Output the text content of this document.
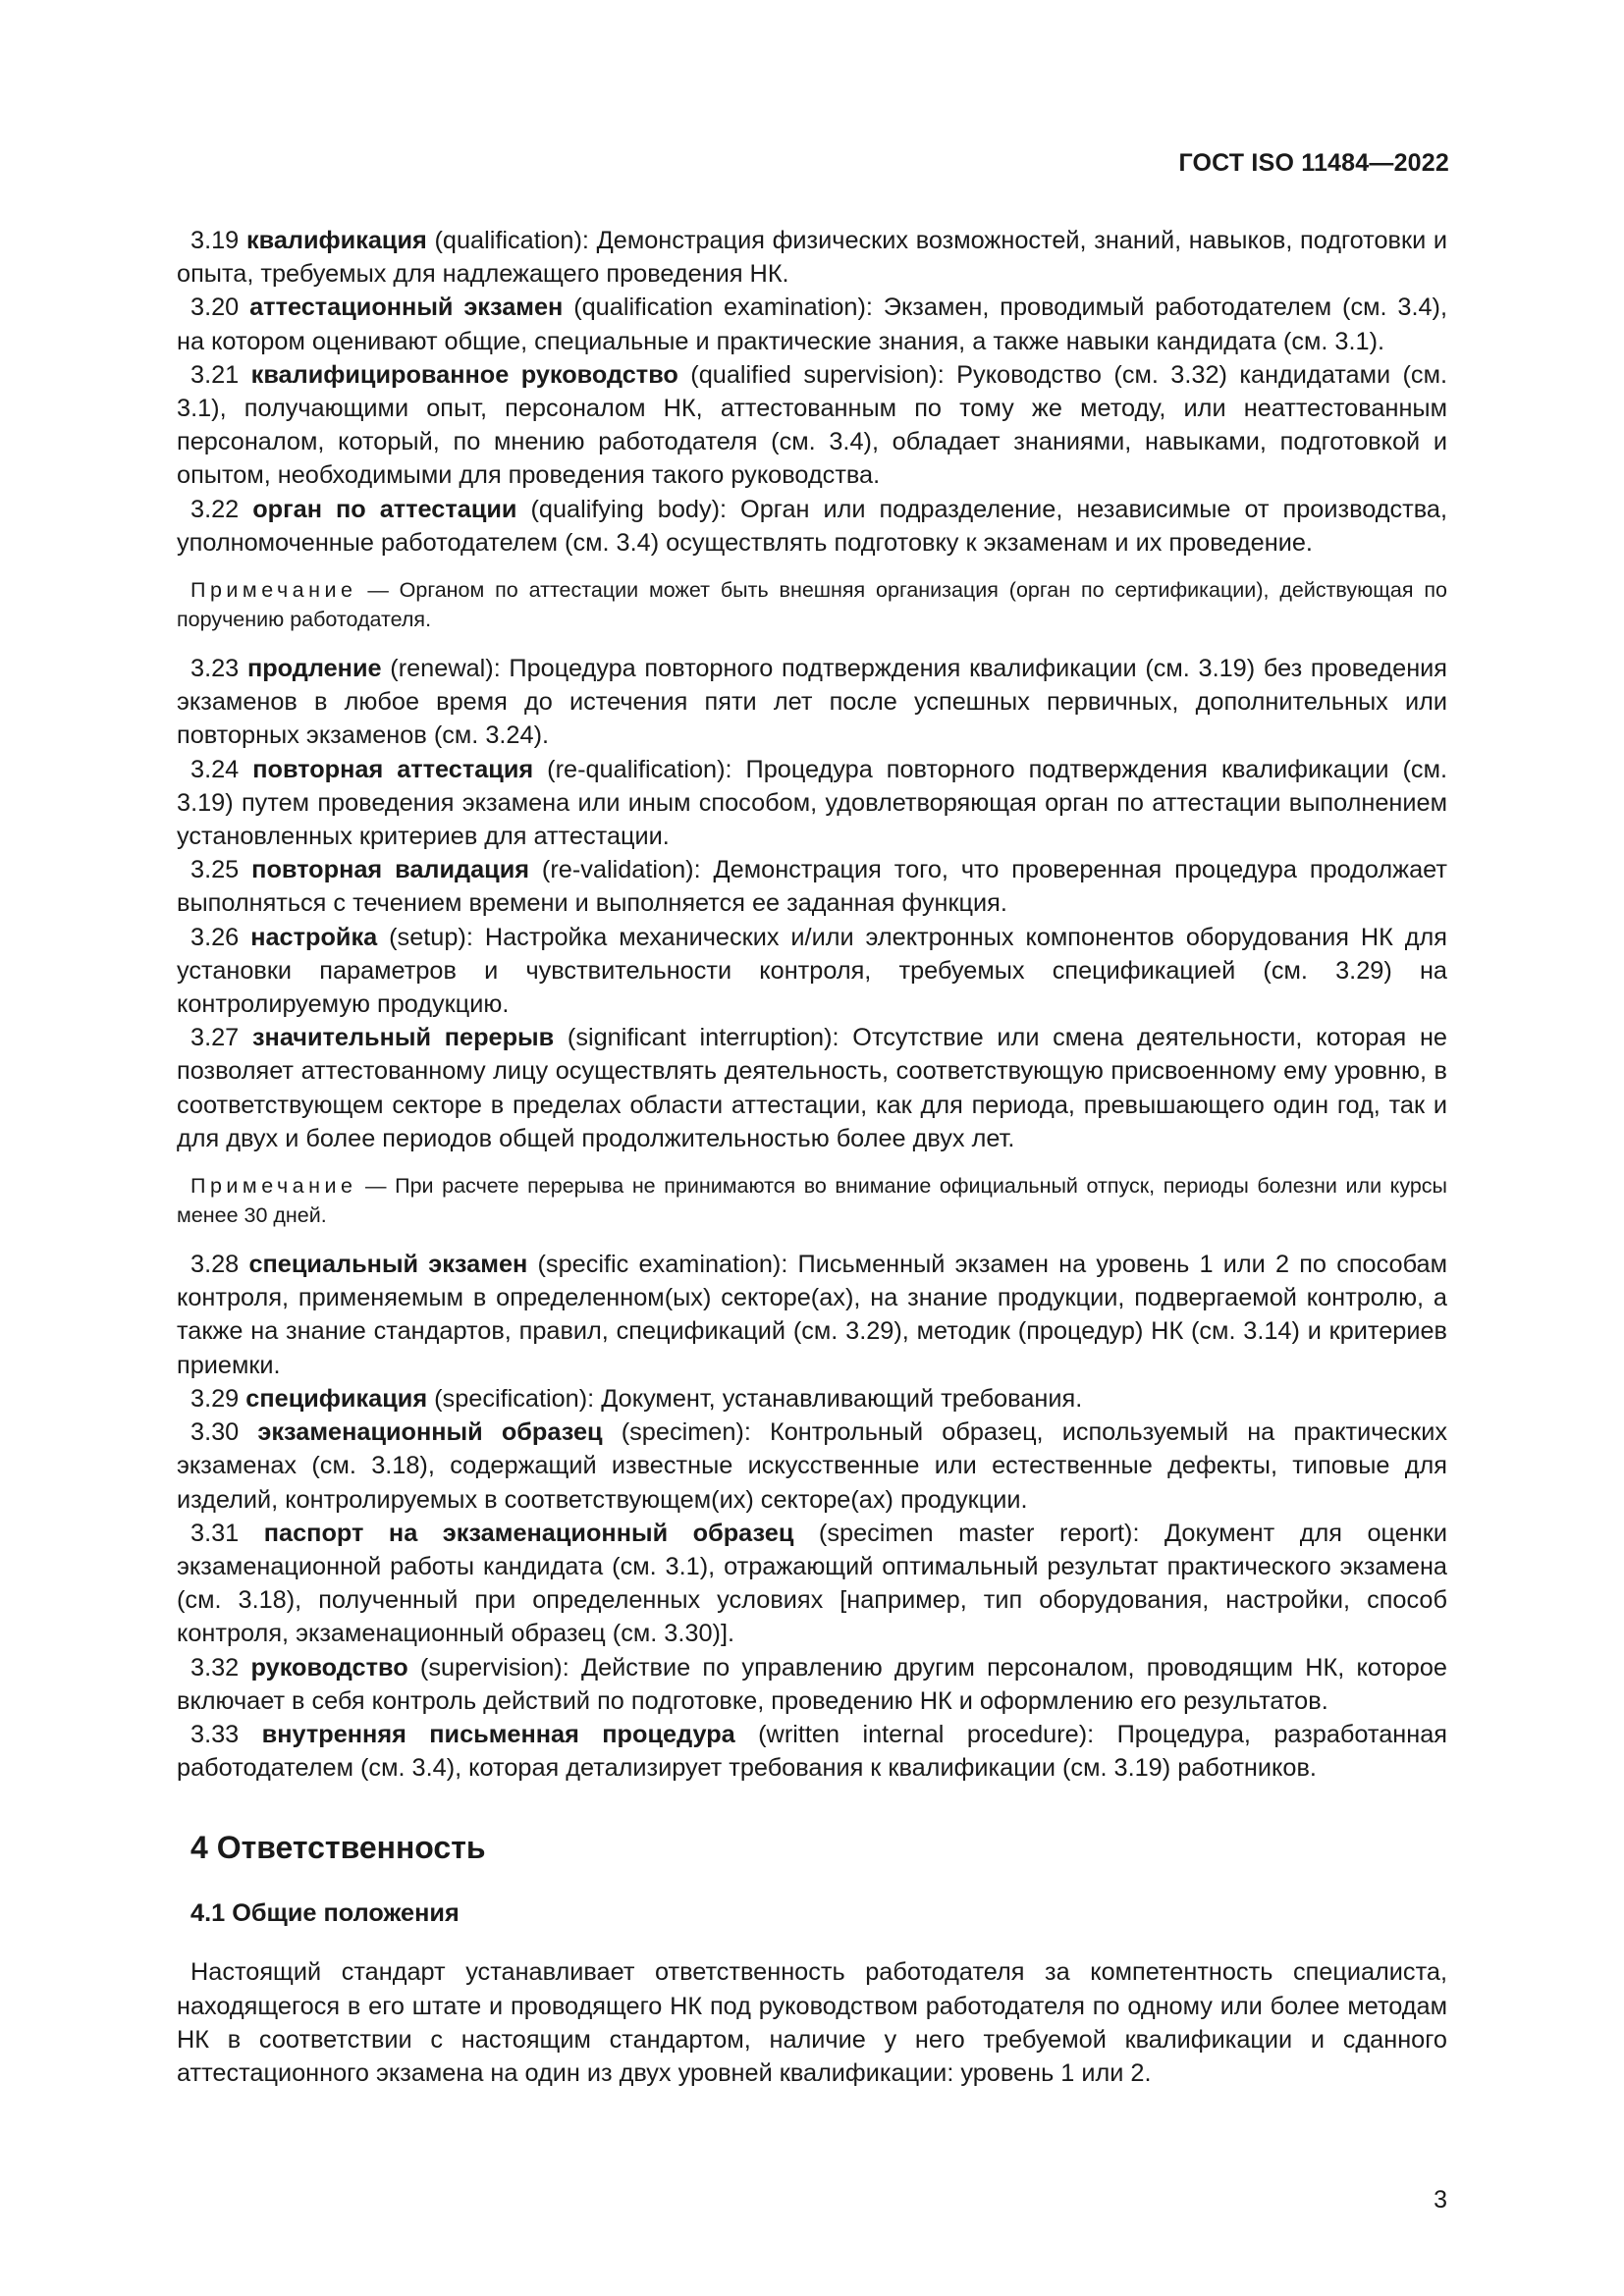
ГОСТ ISO 11484—2022

3.19 квалификация (qualification): Демонстрация физических возможностей, знаний, навыков, подготовки и опыта, требуемых для надлежащего проведения НК.

3.20 аттестационный экзамен (qualification examination): Экзамен, проводимый работодателем (см. 3.4), на котором оценивают общие, специальные и практические знания, а также навыки кандидата (см. 3.1).

3.21 квалифицированное руководство (qualified supervision): Руководство (см. 3.32) кандидатами (см. 3.1), получающими опыт, персоналом НК, аттестованным по тому же методу, или неаттестованным персоналом, который, по мнению работодателя (см. 3.4), обладает знаниями, навыками, подготовкой и опытом, необходимыми для проведения такого руководства.

3.22 орган по аттестации (qualifying body): Орган или подразделение, независимые от производства, уполномоченные работодателем (см. 3.4) осуществлять подготовку к экзаменам и их проведение.

Примечание — Органом по аттестации может быть внешняя организация (орган по сертификации), действующая по поручению работодателя.

3.23 продление (renewal): Процедура повторного подтверждения квалификации (см. 3.19) без проведения экзаменов в любое время до истечения пяти лет после успешных первичных, дополнительных или повторных экзаменов (см. 3.24).

3.24 повторная аттестация (re-qualification): Процедура повторного подтверждения квалификации (см. 3.19) путем проведения экзамена или иным способом, удовлетворяющая орган по аттестации выполнением установленных критериев для аттестации.

3.25 повторная валидация (re-validation): Демонстрация того, что проверенная процедура продолжает выполняться с течением времени и выполняется ее заданная функция.

3.26 настройка (setup): Настройка механических и/или электронных компонентов оборудования НК для установки параметров и чувствительности контроля, требуемых спецификацией (см. 3.29) на контролируемую продукцию.

3.27 значительный перерыв (significant interruption): Отсутствие или смена деятельности, которая не позволяет аттестованному лицу осуществлять деятельность, соответствующую присвоенному ему уровню, в соответствующем секторе в пределах области аттестации, как для периода, превышающего один год, так и для двух и более периодов общей продолжительностью более двух лет.

Примечание — При расчете перерыва не принимаются во внимание официальный отпуск, периоды болезни или курсы менее 30 дней.

3.28 специальный экзамен (specific examination): Письменный экзамен на уровень 1 или 2 по способам контроля, применяемым в определенном(ых) секторе(ах), на знание продукции, подвергаемой контролю, а также на знание стандартов, правил, спецификаций (см. 3.29), методик (процедур) НК (см. 3.14) и критериев приемки.

3.29 спецификация (specification): Документ, устанавливающий требования.

3.30 экзаменационный образец (specimen): Контрольный образец, используемый на практических экзаменах (см. 3.18), содержащий известные искусственные или естественные дефекты, типовые для изделий, контролируемых в соответствующем(их) секторе(ах) продукции.

3.31 паспорт на экзаменационный образец (specimen master report): Документ для оценки экзаменационной работы кандидата (см. 3.1), отражающий оптимальный результат практического экзамена (см. 3.18), полученный при определенных условиях [например, тип оборудования, настройки, способ контроля, экзаменационный образец (см. 3.30)].

3.32 руководство (supervision): Действие по управлению другим персоналом, проводящим НК, которое включает в себя контроль действий по подготовке, проведению НК и оформлению его результатов.

3.33 внутренняя письменная процедура (written internal procedure): Процедура, разработанная работодателем (см. 3.4), которая детализирует требования к квалификации (см. 3.19) работников.

4 Ответственность
4.1 Общие положения

Настоящий стандарт устанавливает ответственность работодателя за компетентность специалиста, находящегося в его штате и проводящего НК под руководством работодателя по одному или более методам НК в соответствии с настоящим стандартом, наличие у него требуемой квалификации и сданного аттестационного экзамена на один из двух уровней квалификации: уровень 1 или 2.

3
